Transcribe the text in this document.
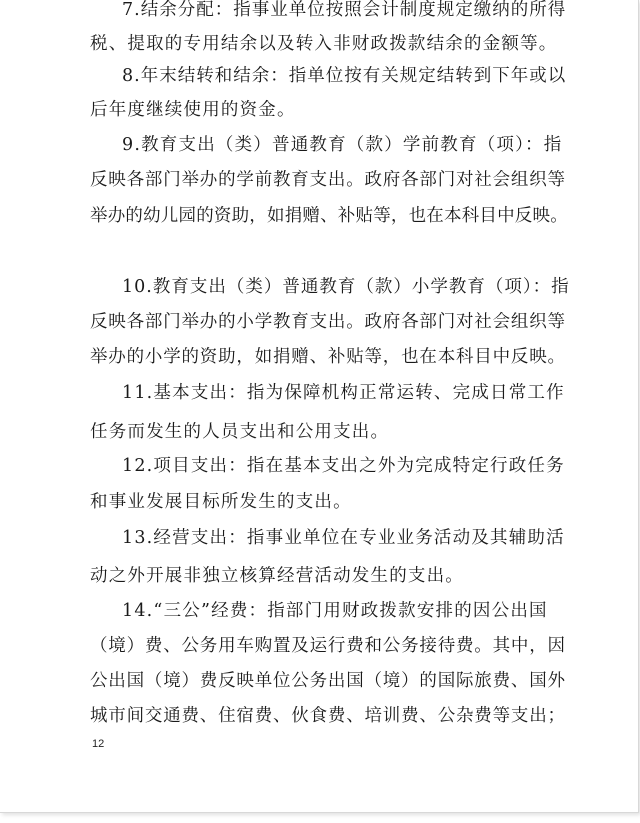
7.结余分配：指事业单位按照会计制度规定缴纳的所得
税、提取的专用结余以及转入非财政拨款结余的金额等。
8.年末结转和结余：指单位按有关规定结转到下年或以
后年度继续使用的资金。
9.教育支出（类）普通教育（款）学前教育（项）：指
反映各部门举办的学前教育支出。政府各部门对社会组织等
举办的幼儿园的资助，如捐赠、补贴等，也在本科目中反映。
10.教育支出（类）普通教育（款）小学教育（项）：指
反映各部门举办的小学教育支出。政府各部门对社会组织等
举办的小学的资助，如捐赠、补贴等，也在本科目中反映。
11.基本支出：指为保障机构正常运转、完成日常工作
任务而发生的人员支出和公用支出。
12.项目支出：指在基本支出之外为完成特定行政任务
和事业发展目标所发生的支出。
13.经营支出：指事业单位在专业业务活动及其辅助活
动之外开展非独立核算经营活动发生的支出。
14.“三公”经费：指部门用财政拨款安排的因公出国
（境）费、公务用车购置及运行费和公务接待费。其中，因
公出国（境）费反映单位公务出国（境）的国际旅费、国外
城市间交通费、住宿费、伙食费、培训费、公杂费等支出；
12
